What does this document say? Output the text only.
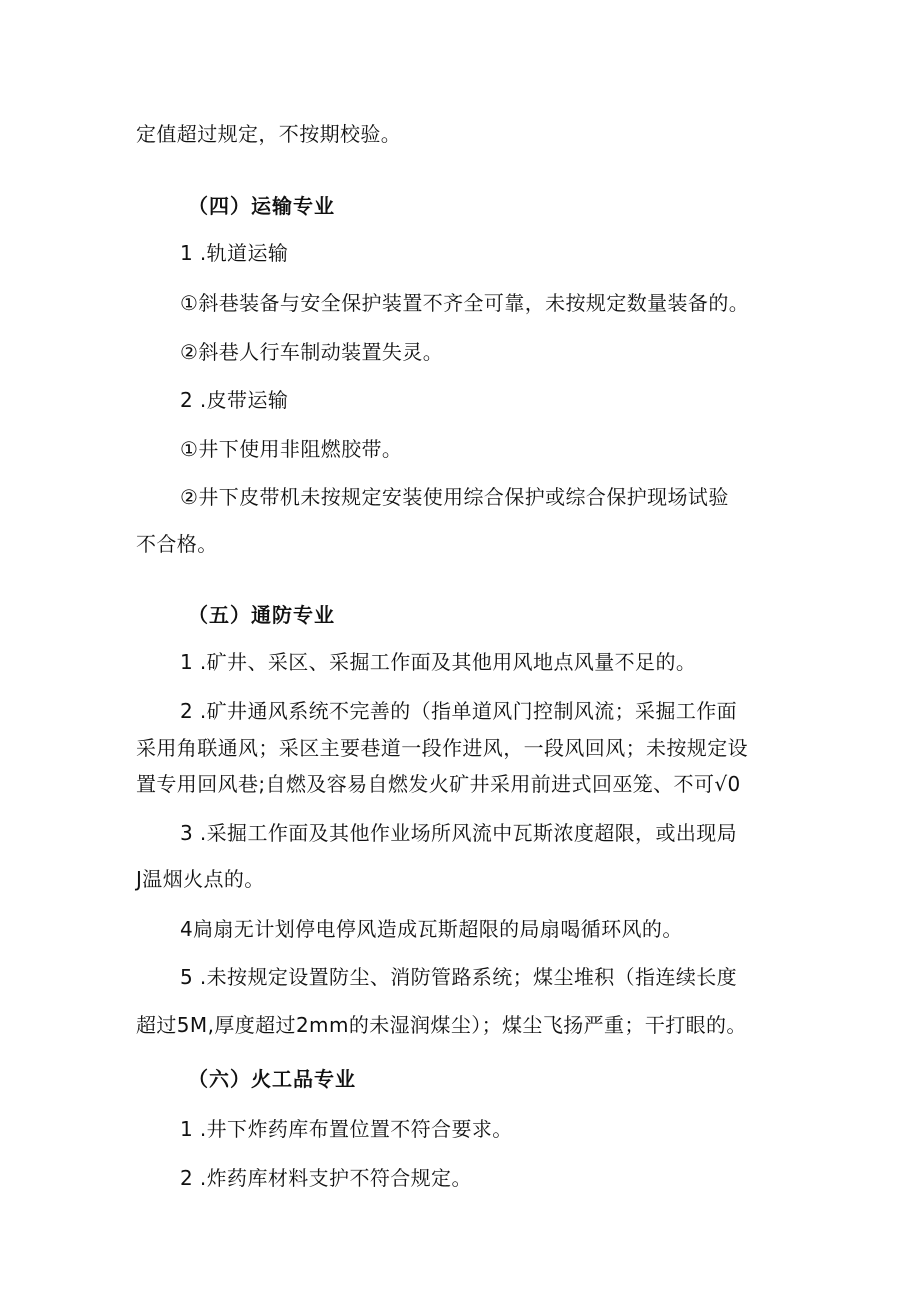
定值超过规定，不按期校验。
（四）运输专业
1 .轨道运输
①斜巷装备与安全保护装置不齐全可靠，未按规定数量装备的。
②斜巷人行车制动装置失灵。
2 .皮带运输
①井下使用非阻燃胶带。
②井下皮带机未按规定安装使用综合保护或综合保护现场试验
不合格。
（五）通防专业
1 .矿井、采区、采掘工作面及其他用风地点风量不足的。
2 .矿井通风系统不完善的（指单道风门控制风流；采掘工作面
采用角联通风；采区主要巷道一段作进风，一段风回风；未按规定设
置专用回风巷;自燃及容易自燃发火矿井采用前进式回巫笼、不可√0
3 .采掘工作面及其他作业场所风流中瓦斯浓度超限，或出现局
J温烟火点的。
4扃扇无计划停电停风造成瓦斯超限的局扇喝循环风的。
5 .未按规定设置防尘、消防管路系统；煤尘堆积（指连续长度
超过5M,厚度超过2mm的未湿润煤尘）；煤尘飞扬严重；干打眼的。
（六）火工品专业
1 .井下炸药库布置位置不符合要求。
2 .炸药库材料支护不符合规定。
